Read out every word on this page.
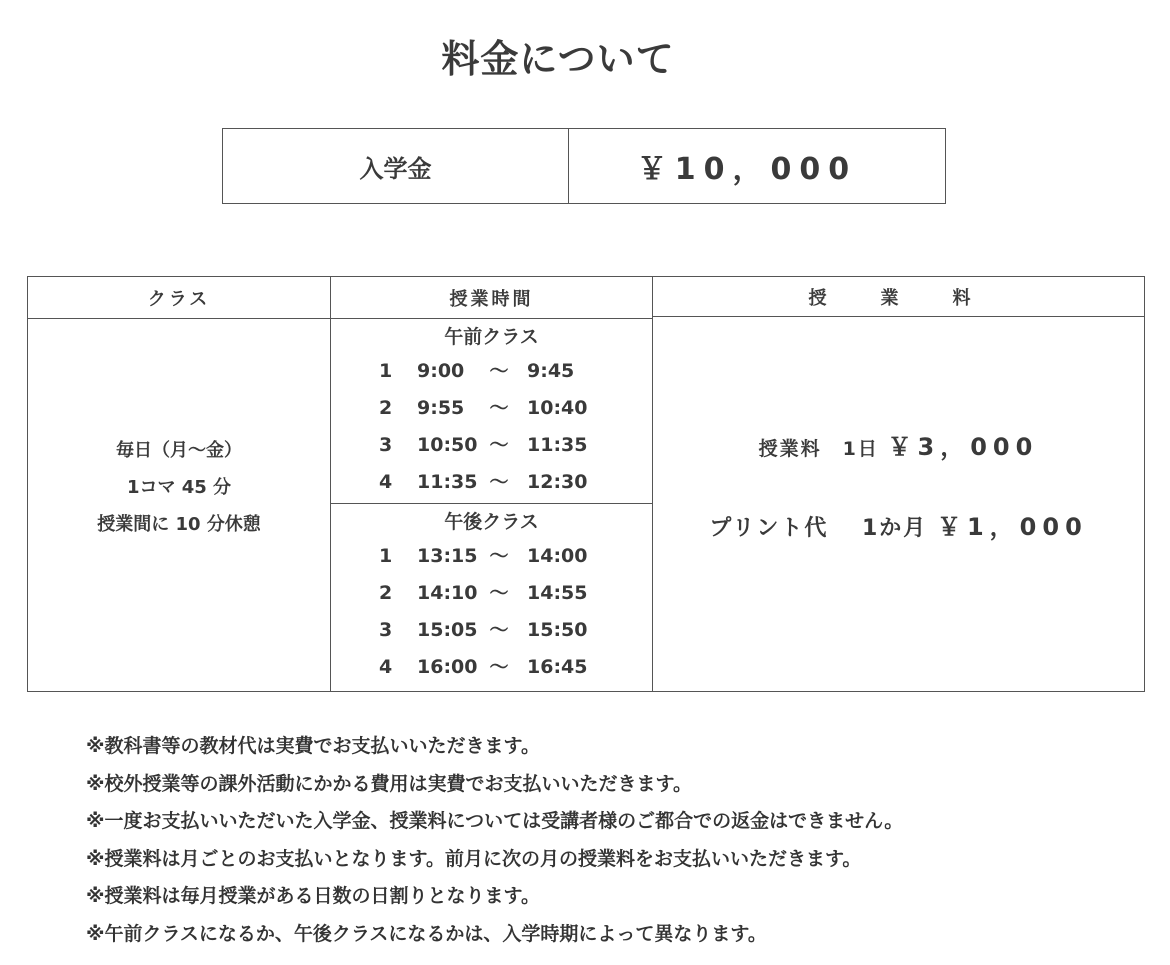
料金について
入学金	￥10，000
クラス
毎日（月～金）
1コマ 45 分
授業間に 10 分休憩
授業時間
午前クラス
1 9:00 ～ 9:45
2 9:55 ～ 10:40
3 10:50 ～ 11:35
4 11:35 ～ 12:30
午後クラス
1 13:15 ～ 14:00
2 14:10 ～ 14:55
3 15:05 ～ 15:50
4 16:00 ～ 16:45
授　業　料
授業料　1日 ￥3，000
プリント代　 1か月 ￥1，000
※教科書等の教材代は実費でお支払いいただきます。
※校外授業等の課外活動にかかる費用は実費でお支払いいただきます。
※一度お支払いいただいた入学金、授業料については受講者様のご都合での返金はできません。
※授業料は月ごとのお支払いとなります。前月に次の月の授業料をお支払いいただきます。
※授業料は毎月授業がある日数の日割りとなります。
※午前クラスになるか、午後クラスになるかは、入学時期によって異なります。
